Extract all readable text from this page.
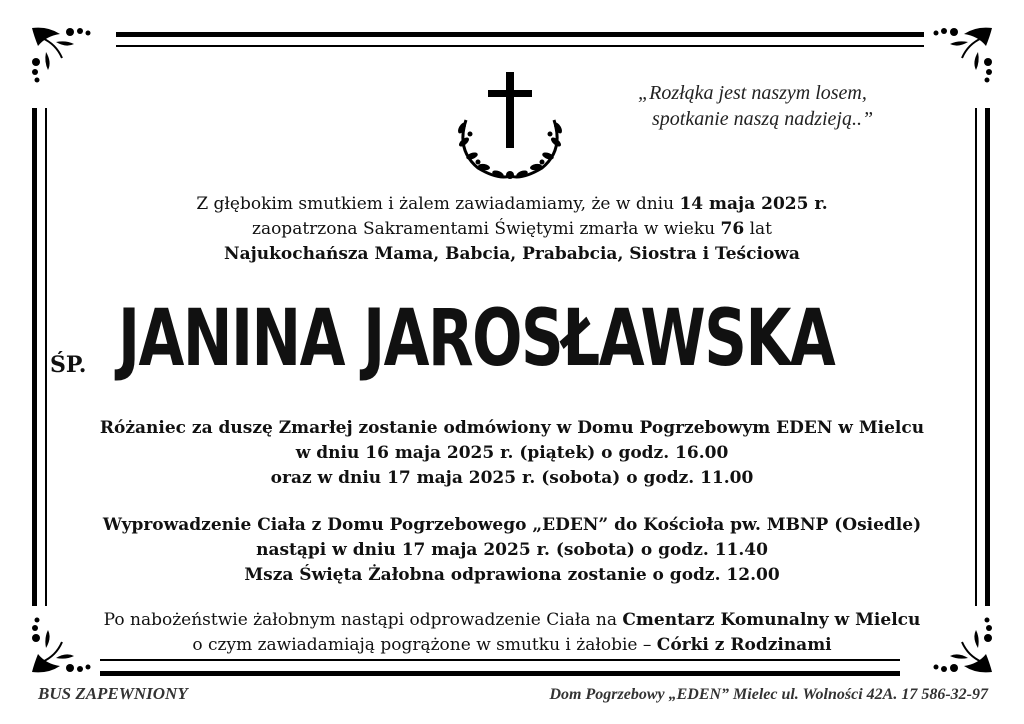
„Rozłąka jest naszym losem,
spotkanie naszą nadzieją..”
Z głębokim smutkiem i żalem zawiadamiamy, że w dniu 14 maja 2025 r.
zaopatrzona Sakramentami Świętymi zmarła w wieku 76 lat
Najukochańsza Mama, Babcia, Prababcia, Siostra i Teściowa
ŚP. JANINA JAROSŁAWSKA
Różaniec za duszę Zmarłej zostanie odmówiony w Domu Pogrzebowym EDEN w Mielcu
w dniu 16 maja 2025 r. (piątek) o godz. 16.00
oraz w dniu 17 maja 2025 r. (sobota) o godz. 11.00
Wyprowadzenie Ciała z Domu Pogrzebowego „EDEN” do Kościoła pw. MBNP (Osiedle)
nastąpi w dniu 17 maja 2025 r. (sobota) o godz. 11.40
Msza Święta Żałobna odprawiona zostanie o godz. 12.00
Po nabożeństwie żałobnym nastąpi odprowadzenie Ciała na Cmentarz Komunalny w Mielcu
o czym zawiadamiają pogrążone w smutku i żałobie – Córki z Rodzinami
BUS ZAPEWNIONY	Dom Pogrzebowy „EDEN” Mielec ul. Wolności 42A. 17 586-32-97
